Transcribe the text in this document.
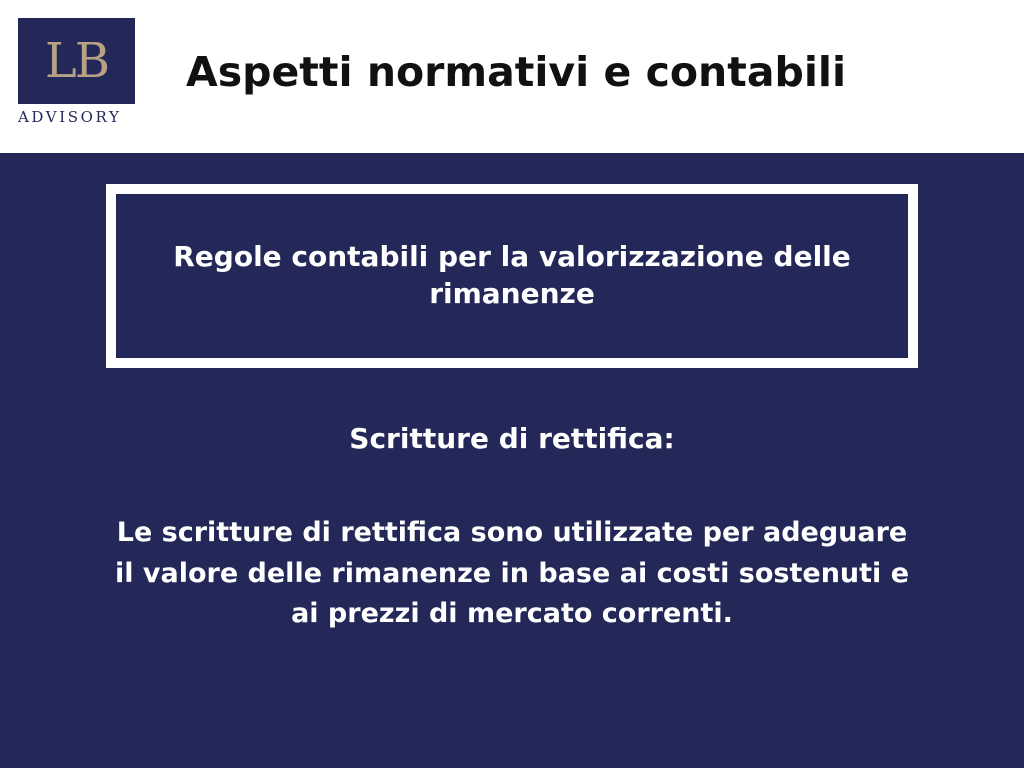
LB
ADVISORY
Aspetti normativi e contabili
Regole contabili per la valorizzazione delle rimanenze
Scritture di rettifica:
Le scritture di rettifica sono utilizzate per adeguare il valore delle rimanenze in base ai costi sostenuti e ai prezzi di mercato correnti.
